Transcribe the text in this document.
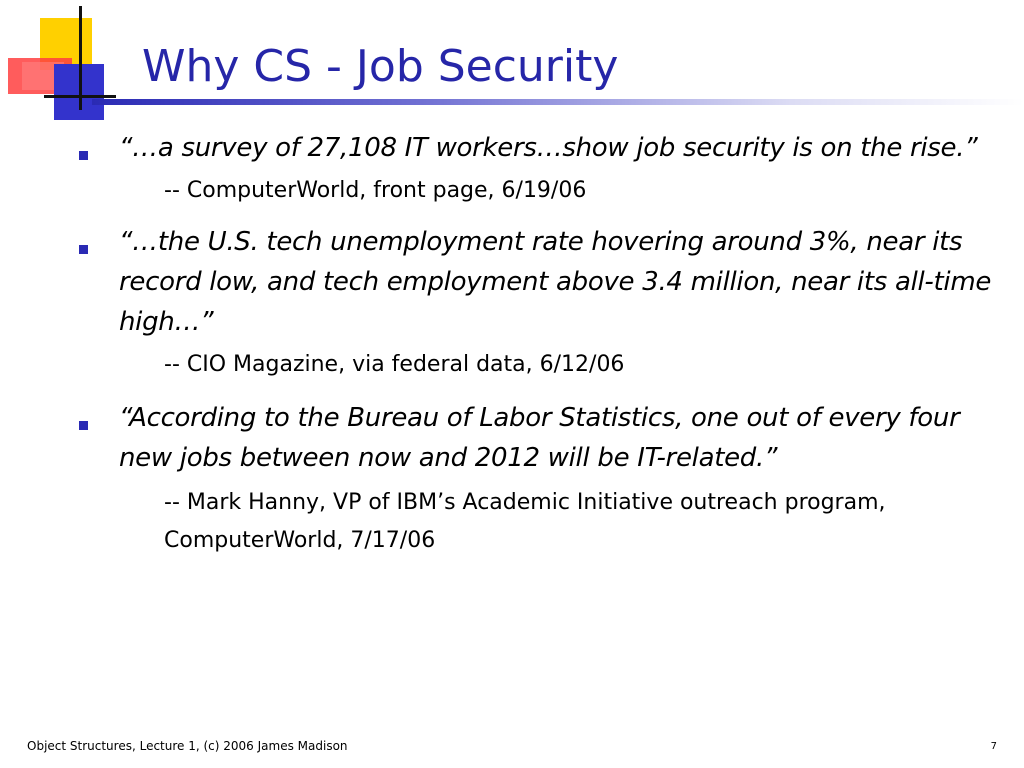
Why CS - Job Security

“…a survey of 27,108 IT workers…show job security is on the rise.”

-- ComputerWorld, front page, 6/19/06

“…the U.S. tech unemployment rate hovering around 3%, near its record low, and tech employment above 3.4 million, near its all-time high…”

-- CIO Magazine, via federal data, 6/12/06

“According to the Bureau of Labor Statistics, one out of every four new jobs between now and 2012 will be IT-related.”

-- Mark Hanny, VP of IBM’s Academic Initiative outreach program, ComputerWorld, 7/17/06

Object Structures, Lecture 1, (c) 2006 James Madison	7
